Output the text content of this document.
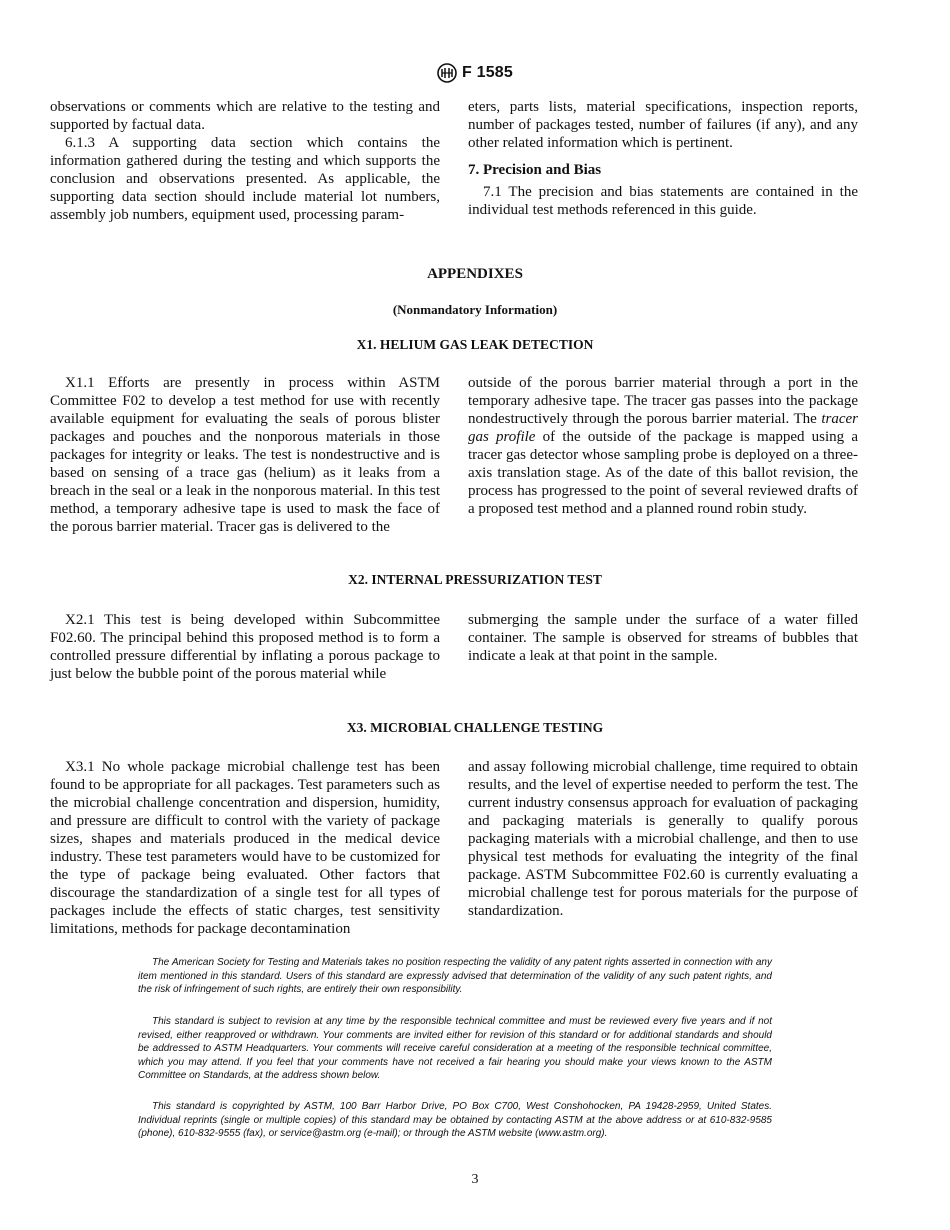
F 1585

observations or comments which are relative to the testing and supported by factual data.

6.1.3 A supporting data section which contains the information gathered during the testing and which supports the conclusion and observations presented. As applicable, the supporting data section should include material lot numbers, assembly job numbers, equipment used, processing param-

eters, parts lists, material specifications, inspection reports, number of packages tested, number of failures (if any), and any other related information which is pertinent.

7. Precision and Bias

7.1 The precision and bias statements are contained in the individual test methods referenced in this guide.

APPENDIXES
(Nonmandatory Information)
X1. HELIUM GAS LEAK DETECTION

X1.1 Efforts are presently in process within ASTM Committee F02 to develop a test method for use with recently available equipment for evaluating the seals of porous blister packages and pouches and the nonporous materials in those packages for integrity or leaks. The test is nondestructive and is based on sensing of a trace gas (helium) as it leaks from a breach in the seal or a leak in the nonporous material. In this test method, a temporary adhesive tape is used to mask the face of the porous barrier material. Tracer gas is delivered to the

outside of the porous barrier material through a port in the temporary adhesive tape. The tracer gas passes into the package nondestructively through the porous barrier material. The tracer gas profile of the outside of the package is mapped using a tracer gas detector whose sampling probe is deployed on a three-axis translation stage. As of the date of this ballot revision, the process has progressed to the point of several reviewed drafts of a proposed test method and a planned round robin study.

X2. INTERNAL PRESSURIZATION TEST

X2.1 This test is being developed within Subcommittee F02.60. The principal behind this proposed method is to form a controlled pressure differential by inflating a porous package to just below the bubble point of the porous material while

submerging the sample under the surface of a water filled container. The sample is observed for streams of bubbles that indicate a leak at that point in the sample.

X3. MICROBIAL CHALLENGE TESTING

X3.1 No whole package microbial challenge test has been found to be appropriate for all packages. Test parameters such as the microbial challenge concentration and dispersion, humidity, and pressure are difficult to control with the variety of package sizes, shapes and materials produced in the medical device industry. These test parameters would have to be customized for the type of package being evaluated. Other factors that discourage the standardization of a single test for all types of packages include the effects of static charges, test sensitivity limitations, methods for package decontamination

and assay following microbial challenge, time required to obtain results, and the level of expertise needed to perform the test. The current industry consensus approach for evaluation of packaging and packaging materials is generally to qualify porous packaging materials with a microbial challenge, and then to use physical test methods for evaluating the integrity of the final package. ASTM Subcommittee F02.60 is currently evaluating a microbial challenge test for porous materials for the purpose of standardization.

The American Society for Testing and Materials takes no position respecting the validity of any patent rights asserted in connection with any item mentioned in this standard. Users of this standard are expressly advised that determination of the validity of any such patent rights, and the risk of infringement of such rights, are entirely their own responsibility.

This standard is subject to revision at any time by the responsible technical committee and must be reviewed every five years and if not revised, either reapproved or withdrawn. Your comments are invited either for revision of this standard or for additional standards and should be addressed to ASTM Headquarters. Your comments will receive careful consideration at a meeting of the responsible technical committee, which you may attend. If you feel that your comments have not received a fair hearing you should make your views known to the ASTM Committee on Standards, at the address shown below.

This standard is copyrighted by ASTM, 100 Barr Harbor Drive, PO Box C700, West Conshohocken, PA 19428-2959, United States. Individual reprints (single or multiple copies) of this standard may be obtained by contacting ASTM at the above address or at 610-832-9585 (phone), 610-832-9555 (fax), or service@astm.org (e-mail); or through the ASTM website (www.astm.org).

3
